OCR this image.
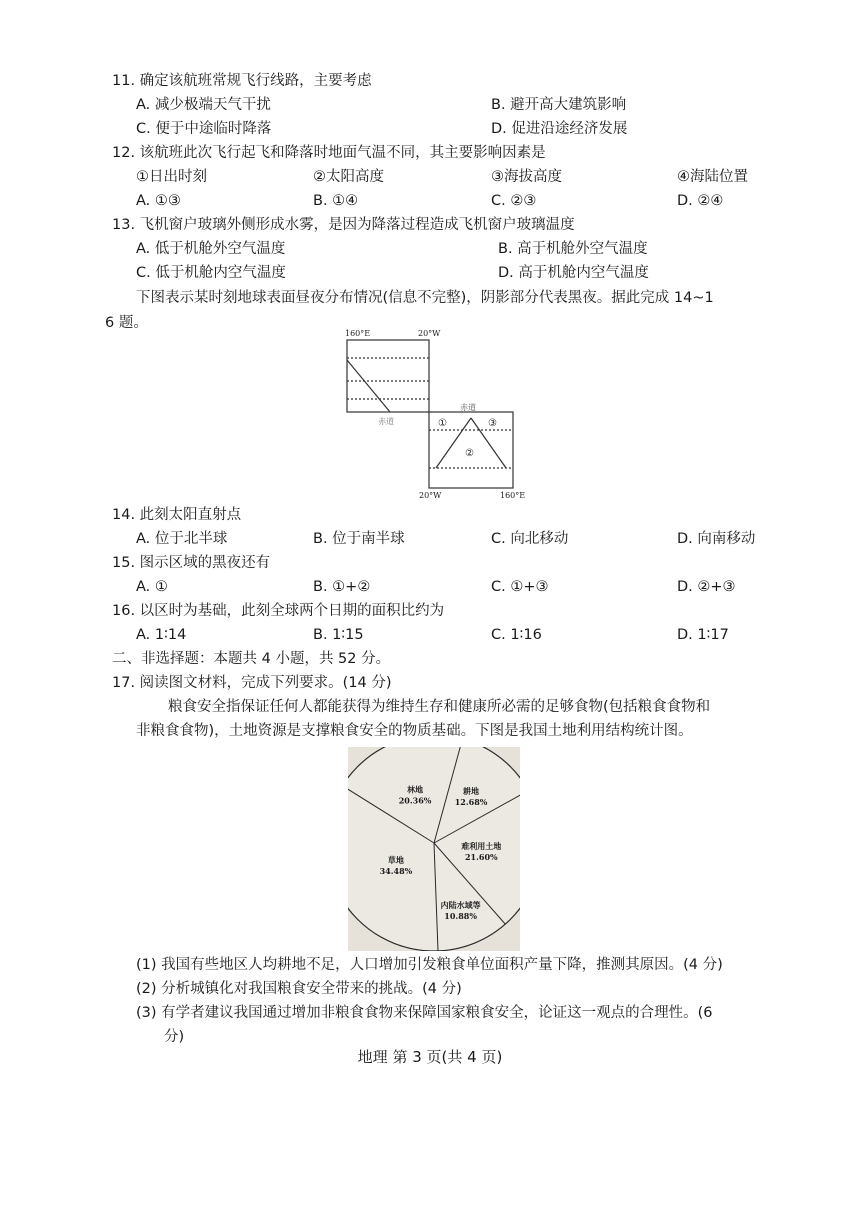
11. 确定该航班常规飞行线路，主要考虑
A. 减少极端天气干扰	B. 避开高大建筑影响
C. 便于中途临时降落	D. 促进沿途经济发展
12. 该航班此次飞行起飞和降落时地面气温不同，其主要影响因素是
①日出时刻	②太阳高度	③海拔高度	④海陆位置
A. ①③	B. ①④	C. ②③	D. ②④
13. 飞机窗户玻璃外侧形成水雾，是因为降落过程造成飞机窗户玻璃温度
A. 低于机舱外空气温度	B. 高于机舱外空气温度
C. 低于机舱内空气温度	D. 高于机舱内空气温度
下图表示某时刻地球表面昼夜分布情况(信息不完整)，阴影部分代表黑夜。据此完成 14~1
6 题。
160°E	20°W
赤道
赤道
①
②
③
20°W	160°E
14. 此刻太阳直射点
A. 位于北半球	B. 位于南半球	C. 向北移动	D. 向南移动
15. 图示区域的黑夜还有
A. ①	B. ①+②	C. ①+③	D. ②+③
16. 以区时为基础，此刻全球两个日期的面积比约为
A. 1∶14	B. 1∶15	C. 1∶16	D. 1∶17
二、非选择题：本题共 4 小题，共 52 分。
17. 阅读图文材料，完成下列要求。(14 分)
粮食安全指保证任何人都能获得为维持生存和健康所必需的足够食物(包括粮食食物和
非粮食食物)，土地资源是支撑粮食安全的物质基础。下图是我国土地利用结构统计图。
林地
20.36%
耕地
12.68%
难利用土地
21.60%
内陆水域等
10.88%
草地
34.48%
(1) 我国有些地区人均耕地不足，人口增加引发粮食单位面积产量下降，推测其原因。(4 分)
(2) 分析城镇化对我国粮食安全带来的挑战。(4 分)
(3) 有学者建议我国通过增加非粮食食物来保障国家粮食安全，论证这一观点的合理性。(6
分)
地理 第 3 页(共 4 页)
